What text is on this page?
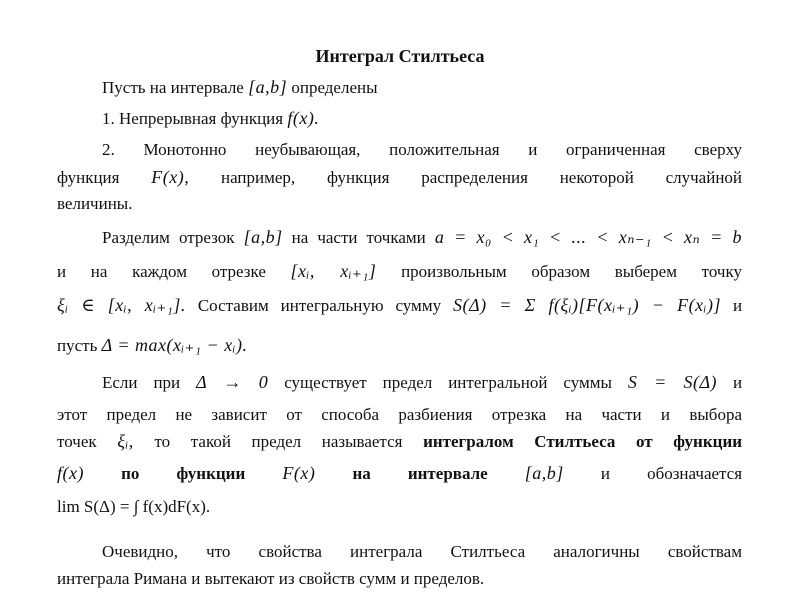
Интеграл Стилтьеса
Пусть на интервале [a,b] определены
1. Непрерывная функция f(x).
2. Монотонно неубывающая, положительная и ограниченная сверху
функция F(x), например, функция распределения некоторой случайной
величины.
Разделим отрезок [a,b] на части точками a = x₀ < x₁ < ... < xₙ₋₁ < xₙ = b
и на каждом отрезке [xᵢ, xᵢ₊₁] произвольным образом выберем точку
ξᵢ ∈ [xᵢ, xᵢ₊₁]. Составим интегральную сумму S(Δ) = Σ f(ξᵢ)[F(xᵢ₊₁) − F(xᵢ)] и
пусть Δ = max(xᵢ₊₁ − xᵢ).
Если при Δ → 0 существует предел интегральной суммы S = S(Δ) и
этот предел не зависит от способа разбиения отрезка на части и выбора
точек ξᵢ, то такой предел называется интегралом Стилтьеса от функции
f(x) по функции F(x) на интервале [a,b] и обозначается
lim S(Δ) = ∫ f(x)dF(x).
Очевидно, что свойства интеграла Стилтьеса аналогичны свойствам
интеграла Римана и вытекают из свойств сумм и пределов.
